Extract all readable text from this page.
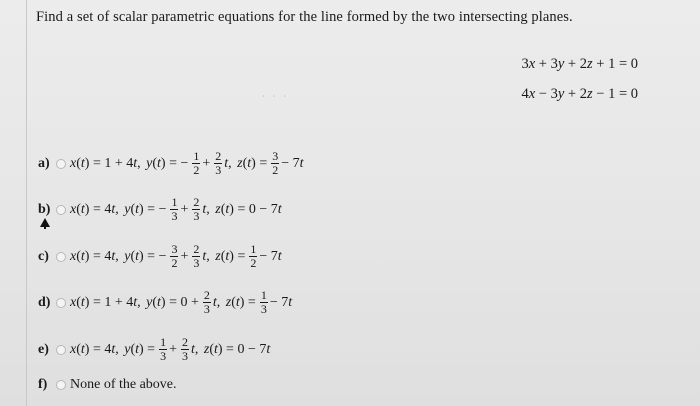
Find a set of scalar parametric equations for the line formed by the two intersecting planes.
3x + 3y + 2z + 1 = 0
4x − 3y + 2z − 1 = 0
· · ·
a)	x(t) = 1 + 4t,
y(t) = − $\frac{1}{2} + \frac{2}{3} t$,
$z(t) = \frac{3}{2} - 7t$
b)	x(t) = 4t,
y(t) = − $\frac{1}{3} + \frac{2}{3} t$,
z(t) = 0 − 7t
c)	x(t) = 4t,
y(t) = − $\frac{3}{2} + \frac{2}{3} t$,
$z(t) = \frac{1}{2} - 7t$
d)	x(t) = 1 + 4t,
$y(t) = 0 + \frac{2}{3} t$,
$z(t) = \frac{1}{3} - 7t$
e)	x(t) = 4t,
$y(t) = \frac{1}{3} + \frac{2}{3} t$,
z(t) = 0 − 7t
f)	None of the above.
